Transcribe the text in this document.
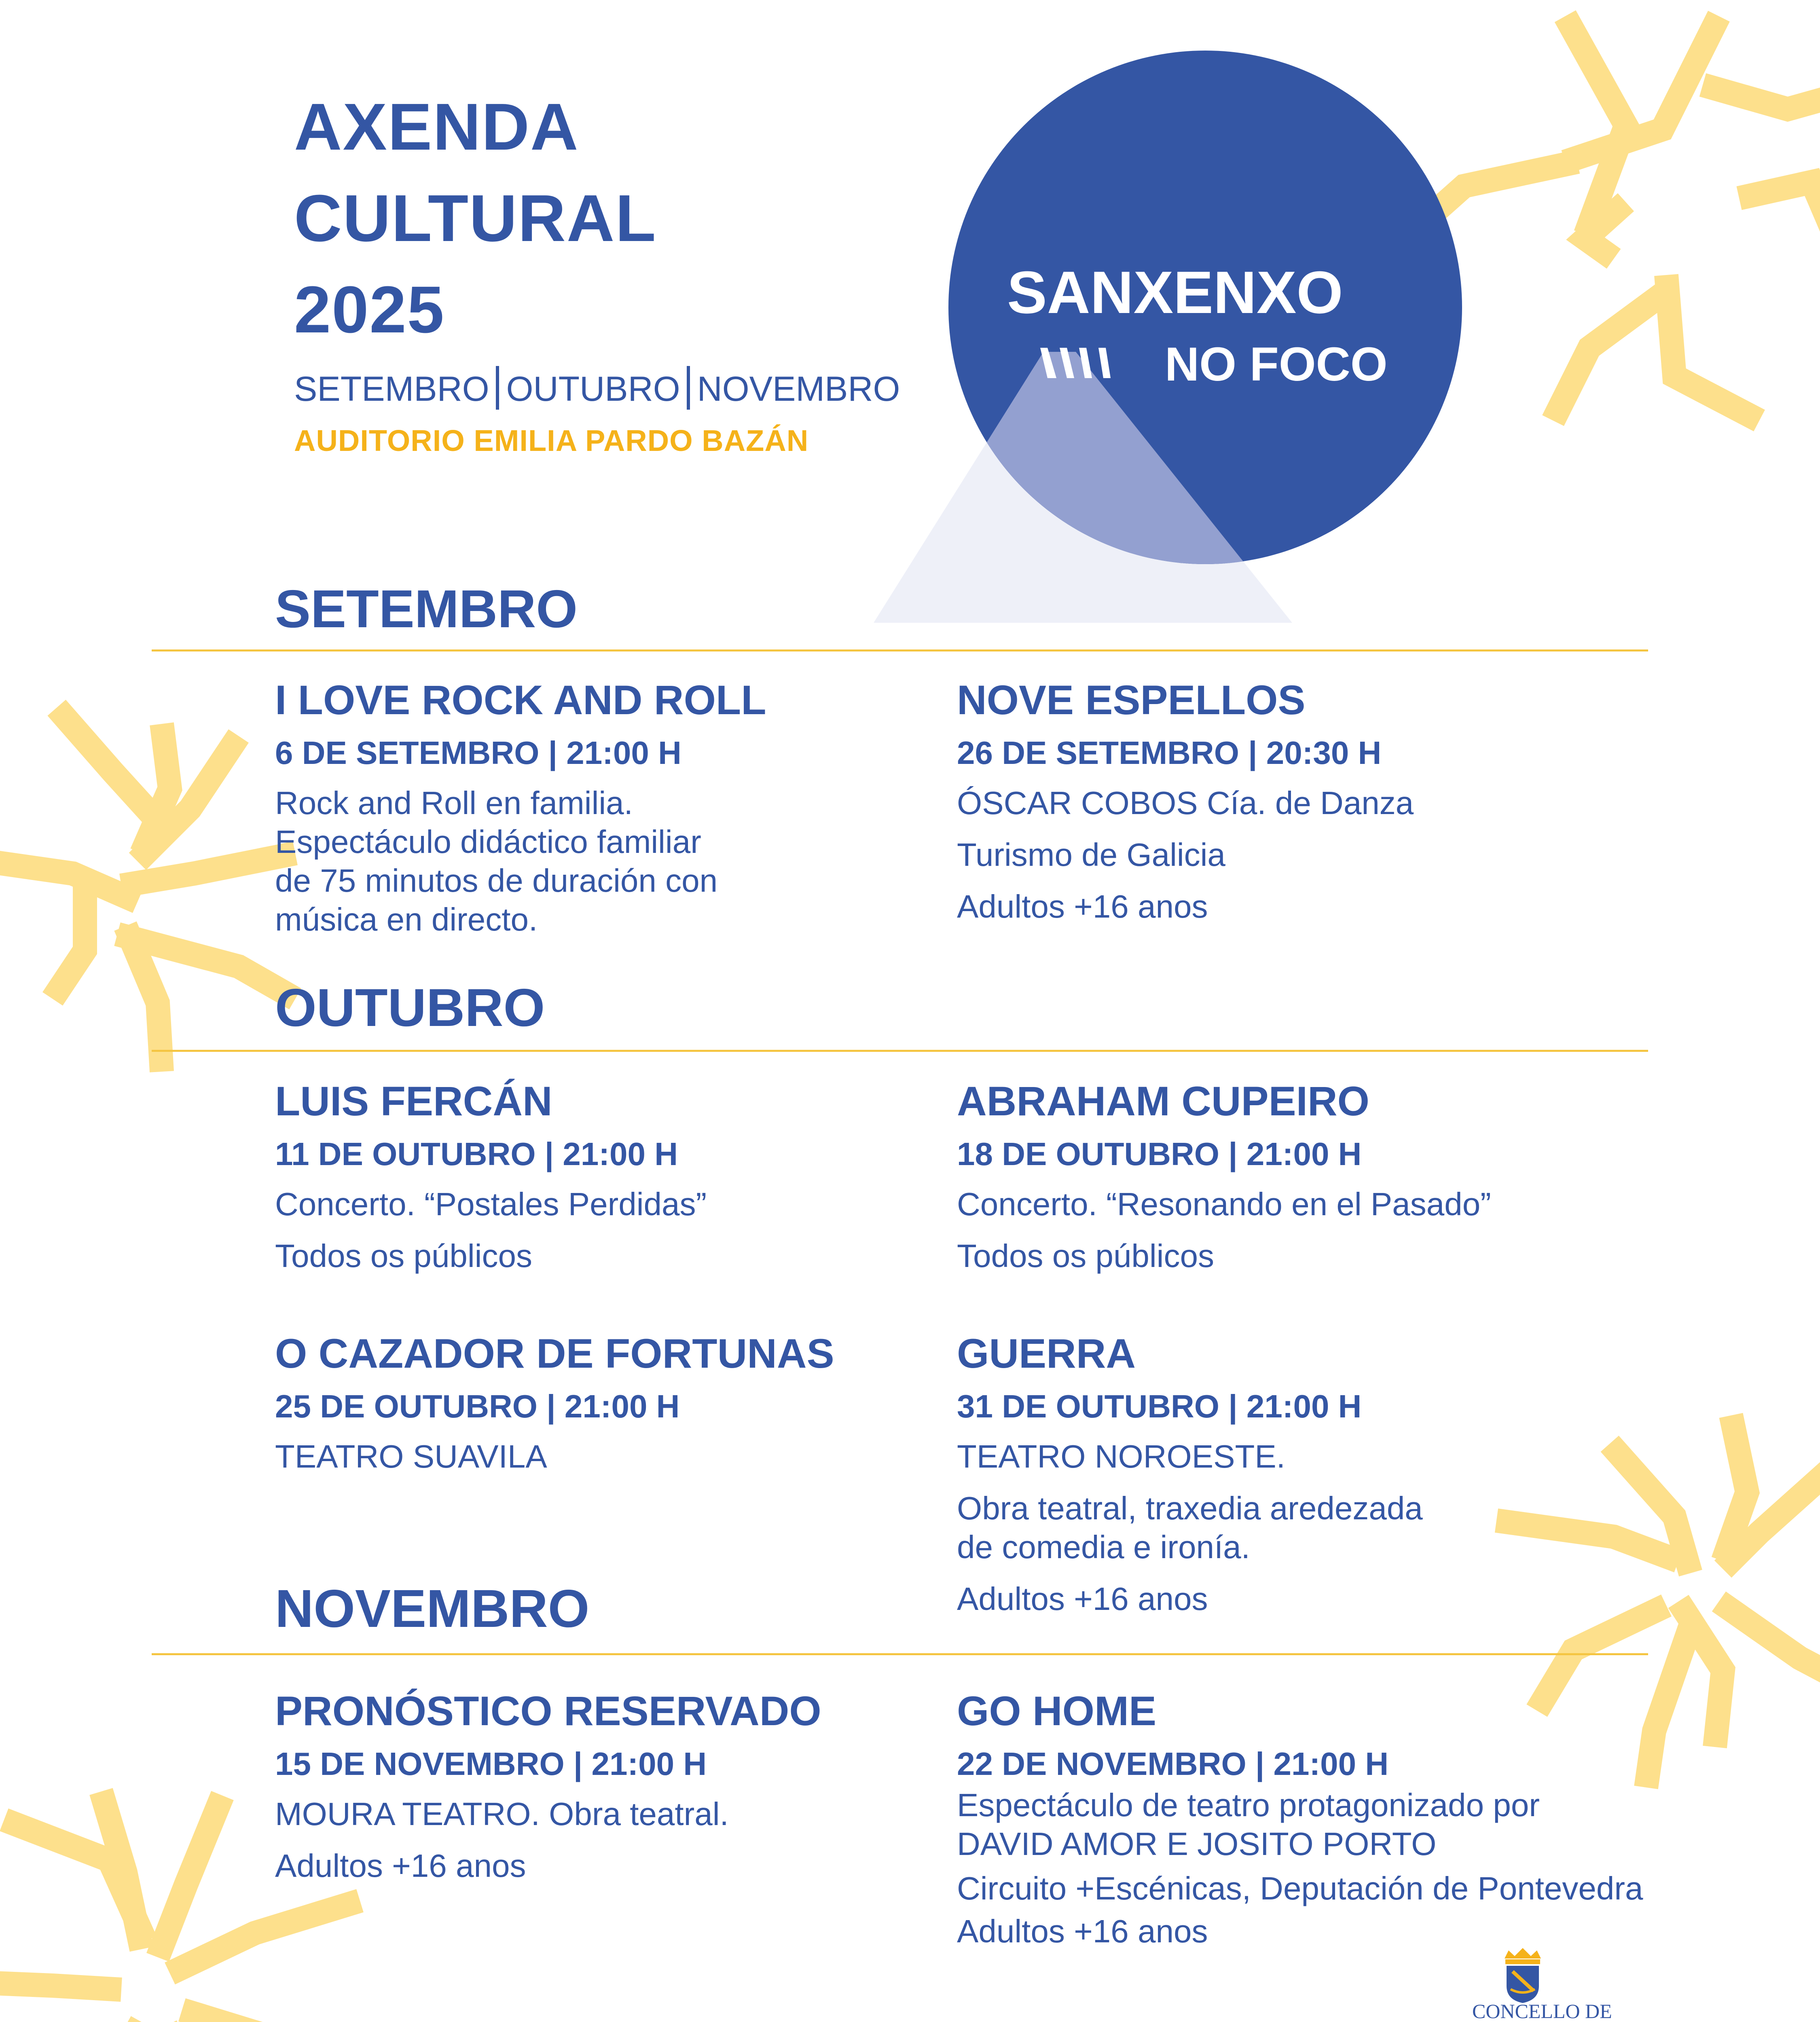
SANXENXO
NO FOCO
AXENDA
CULTURAL
2025
SETEMBRO OUTUBRO NOVEMBRO
AUDITORIO EMILIA PARDO BAZÁN
SETEMBRO
I LOVE ROCK AND ROLL
6 DE SETEMBRO | 21:00 H
Rock and Roll en familia.
Espectáculo didáctico familiar
de 75 minutos de duración con
música en directo.
NOVE ESPELLOS
26 DE SETEMBRO | 20:30 H
ÓSCAR COBOS Cía. de Danza
Turismo de Galicia
Adultos +16 anos
OUTUBRO
LUIS FERCÁN
11 DE OUTUBRO | 21:00 H
Concerto. “Postales Perdidas”
Todos os públicos
ABRAHAM CUPEIRO
18 DE OUTUBRO | 21:00 H
Concerto. “Resonando en el Pasado”
Todos os públicos
O CAZADOR DE FORTUNAS
25 DE OUTUBRO | 21:00 H
TEATRO SUAVILA
GUERRA
31 DE OUTUBRO | 21:00 H
TEATRO NOROESTE.
Obra teatral, traxedia aredezada
de comedia e ironía.
Adultos +16 anos
NOVEMBRO
PRONÓSTICO RESERVADO
15 DE NOVEMBRO | 21:00 H
MOURA TEATRO. Obra teatral.
Adultos +16 anos
GO HOME
22 DE NOVEMBRO | 21:00 H
Espectáculo de teatro protagonizado por
DAVID AMOR E JOSITO PORTO
Circuito +Escénicas, Deputación de Pontevedra
Adultos +16 anos
CONCELLO DE
